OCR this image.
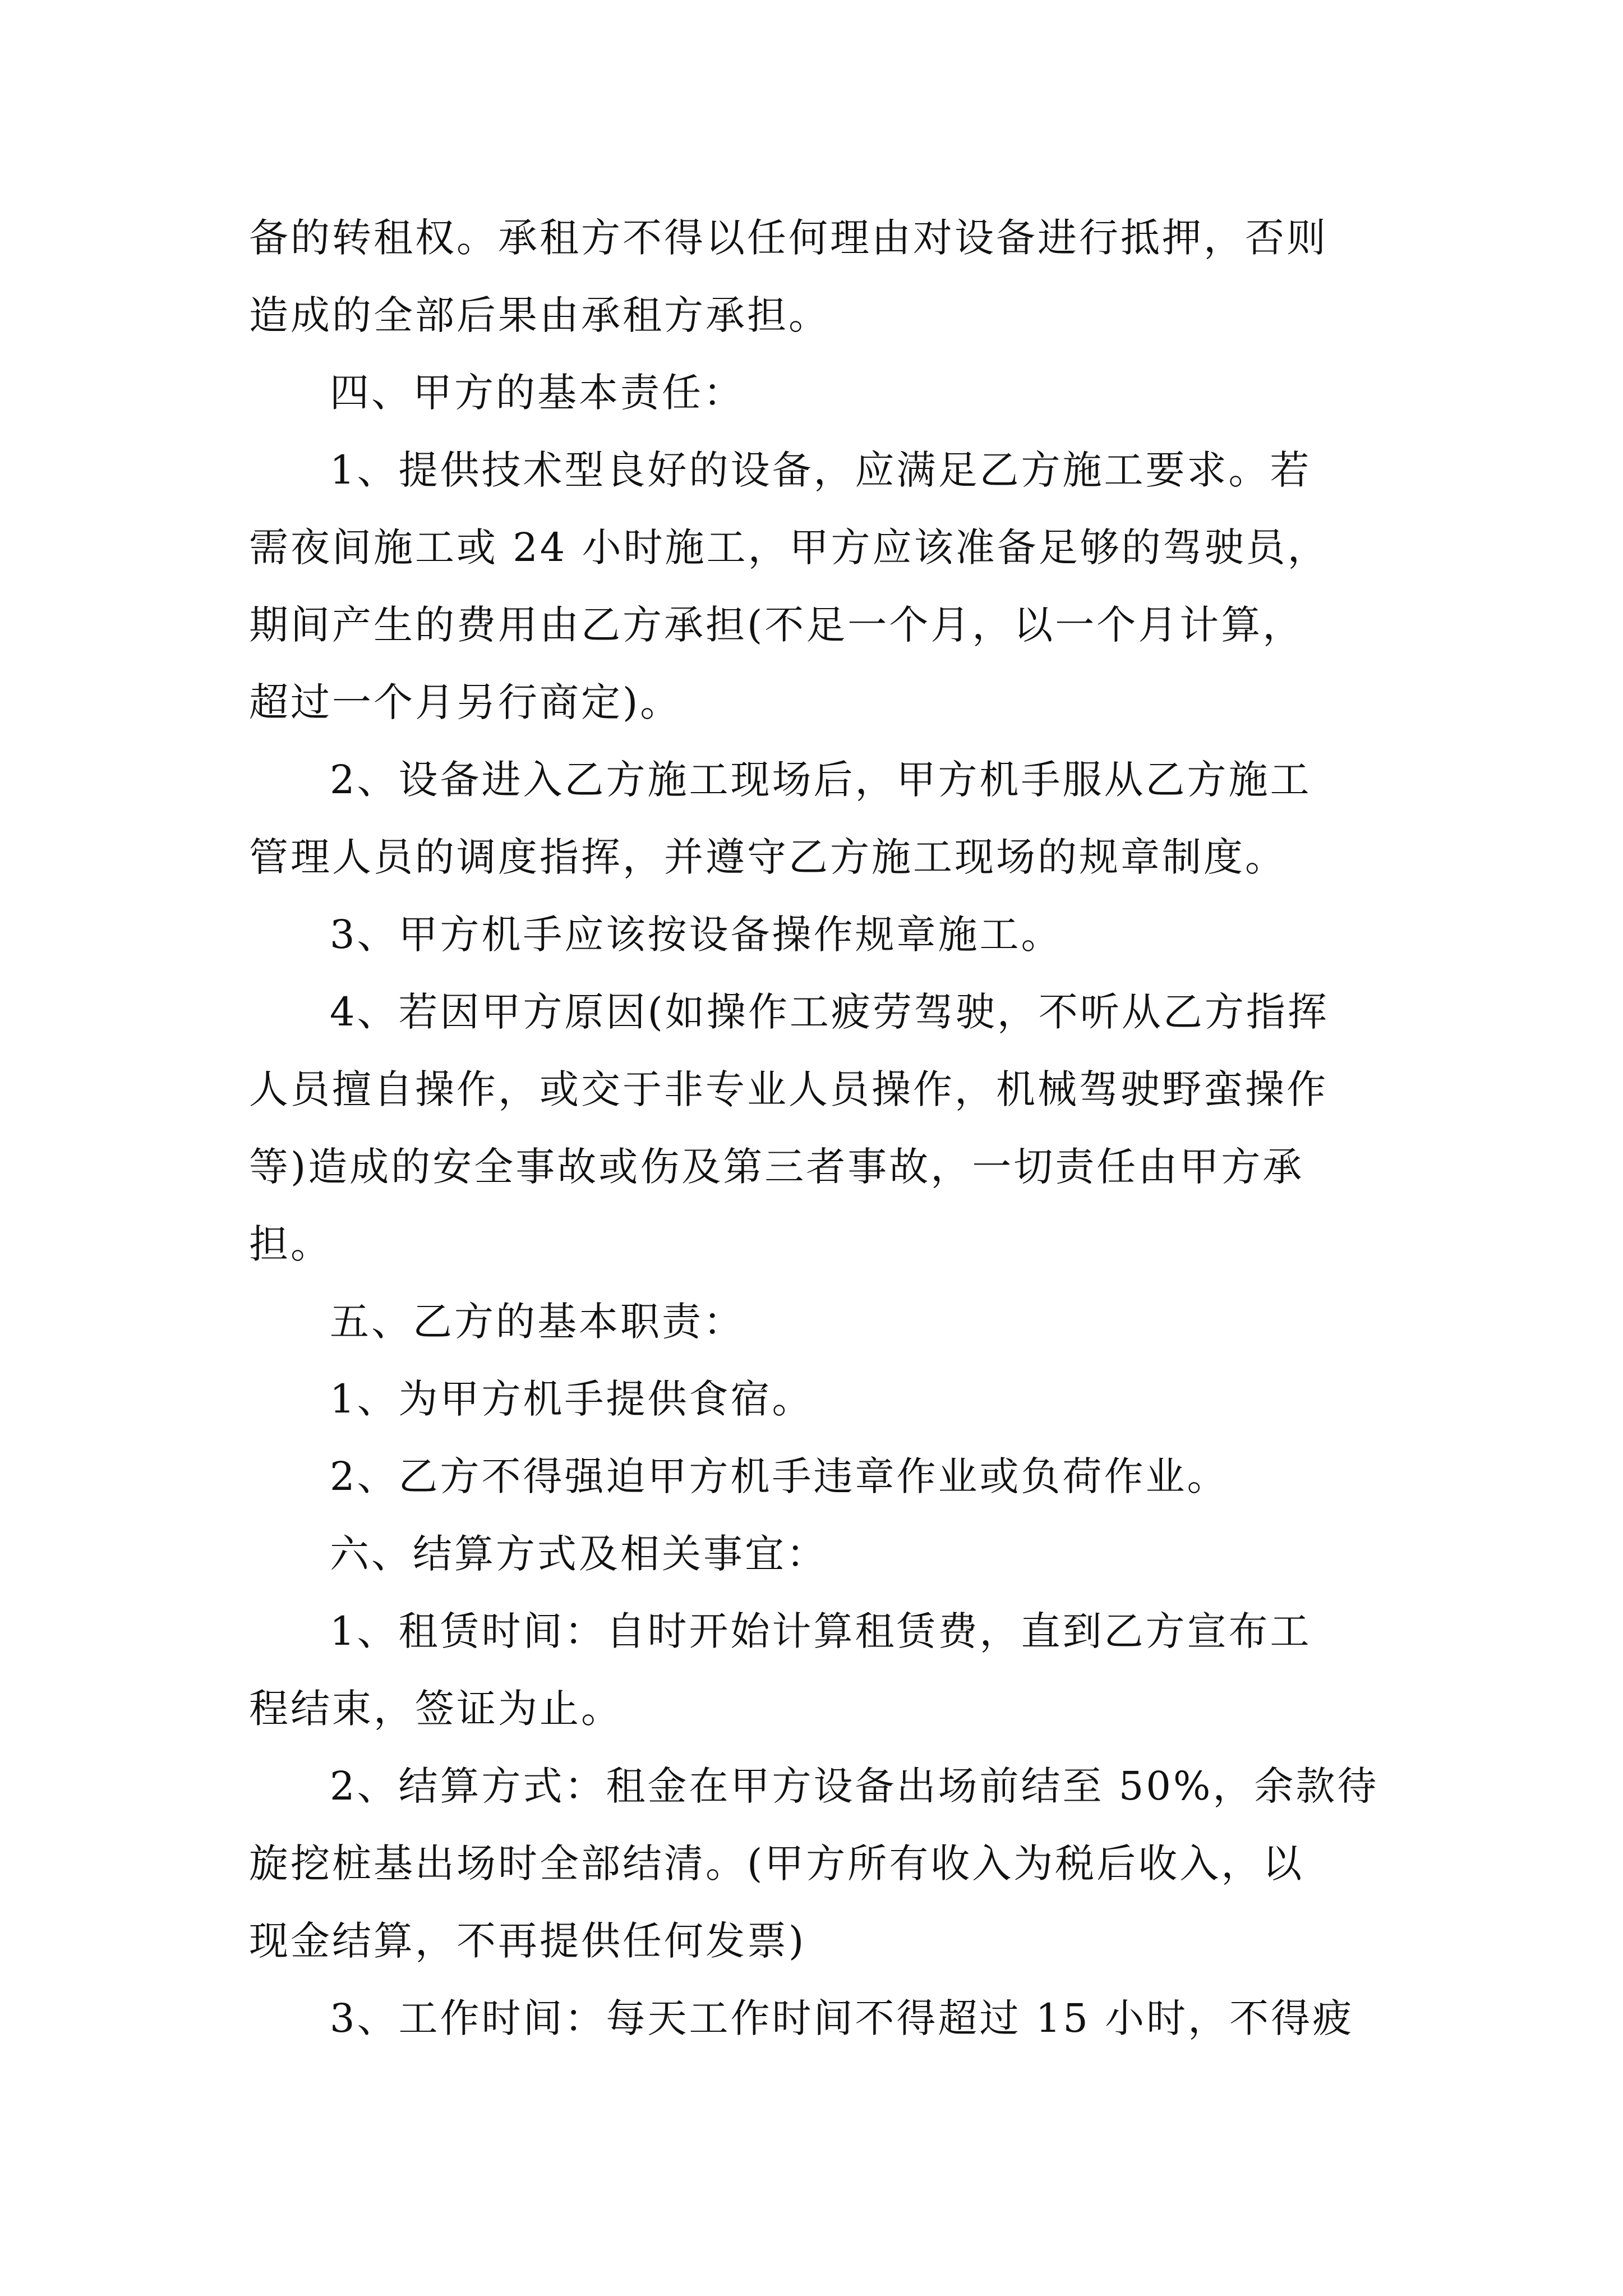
备的转租权。承租方不得以任何理由对设备进行抵押，否则
造成的全部后果由承租方承担。
四、甲方的基本责任：
1、提供技术型良好的设备，应满足乙方施工要求。若
需夜间施工或 24 小时施工，甲方应该准备足够的驾驶员，
期间产生的费用由乙方承担(不足一个月，以一个月计算，
超过一个月另行商定)。
2、设备进入乙方施工现场后，甲方机手服从乙方施工
管理人员的调度指挥，并遵守乙方施工现场的规章制度。
3、甲方机手应该按设备操作规章施工。
4、若因甲方原因(如操作工疲劳驾驶，不听从乙方指挥
人员擅自操作，或交于非专业人员操作，机械驾驶野蛮操作
等)造成的安全事故或伤及第三者事故，一切责任由甲方承
担。
五、乙方的基本职责：
1、为甲方机手提供食宿。
2、乙方不得强迫甲方机手违章作业或负荷作业。
六、结算方式及相关事宜：
1、租赁时间：自时开始计算租赁费，直到乙方宣布工
程结束，签证为止。
2、结算方式：租金在甲方设备出场前结至 50%，余款待
旋挖桩基出场时全部结清。(甲方所有收入为税后收入，以
现金结算，不再提供任何发票)
3、工作时间：每天工作时间不得超过 15 小时，不得疲
